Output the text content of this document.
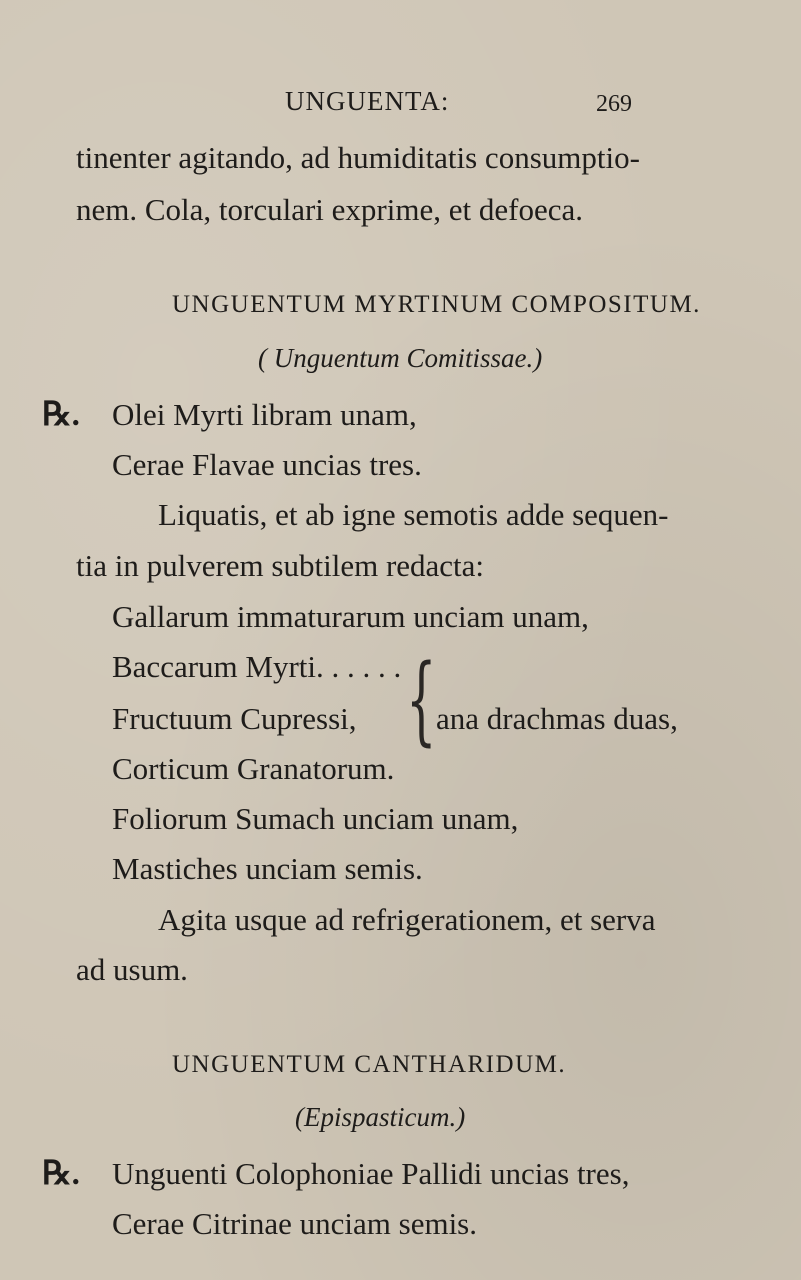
UNGUENTA:	269
tinenter agitando, ad humiditatis consumptio-
nem. Cola, torculari exprime, et defoeca.
UNGUENTUM MYRTINUM COMPOSITUM.
( Unguentum Comitissae.)
℞. Olei Myrti libram unam,
Cerae Flavae uncias tres.
Liquatis, et ab igne semotis adde sequen-
tia in pulverem subtilem redacta:
Gallarum immaturarum unciam unam,
Baccarum Myrti. . . . . . {
Fructuum Cupressi,	ana drachmas duas,
Corticum Granatorum.
Foliorum Sumach unciam unam,
Mastiches unciam semis.
Agita usque ad refrigerationem, et serva
ad usum.
UNGUENTUM CANTHARIDUM.
(Epispasticum.)
℞. Unguenti Colophoniae Pallidi uncias tres,
Cerae Citrinae unciam semis.
